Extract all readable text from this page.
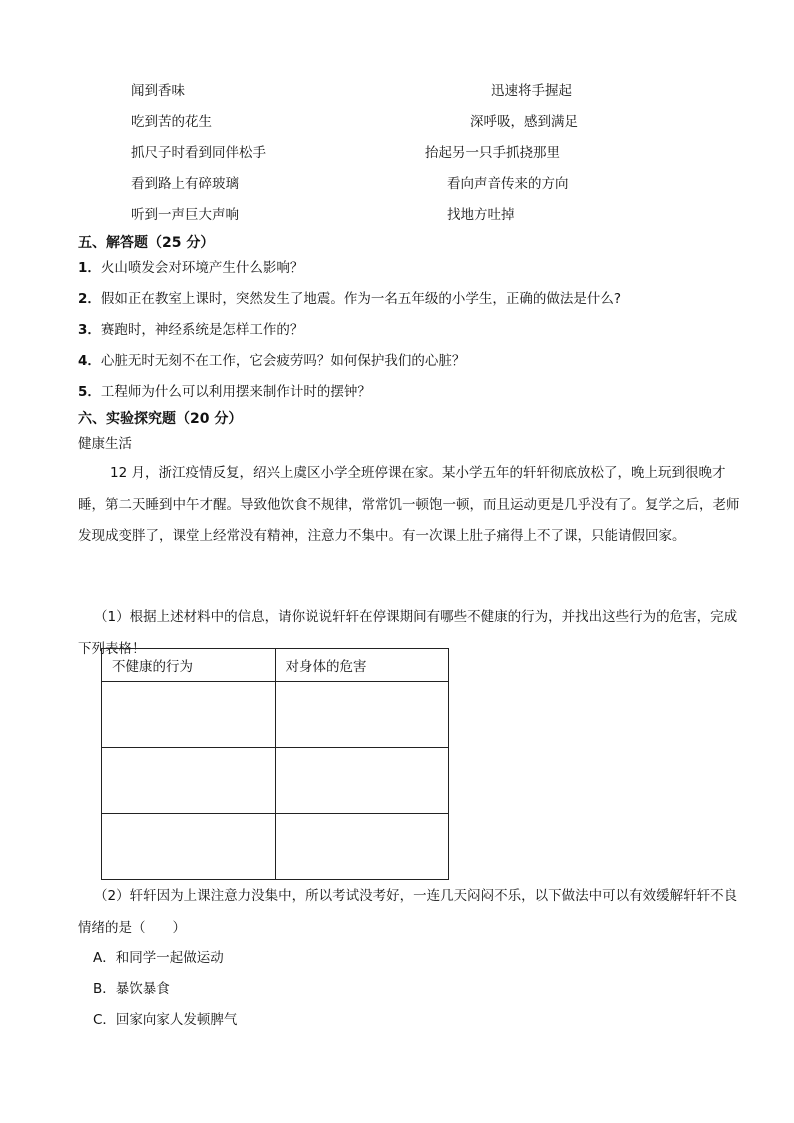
闻到香味	迅速将手握起
吃到苦的花生	深呼吸，感到满足
抓尺子时看到同伴松手	抬起另一只手抓挠那里
看到路上有碎玻璃	看向声音传来的方向
听到一声巨大声响	找地方吐掉
五、解答题（25 分）
1．火山喷发会对环境产生什么影响？
2．假如正在教室上课时，突然发生了地震。作为一名五年级的小学生，正确的做法是什么?
3．赛跑时，神经系统是怎样工作的？
4．心脏无时无刻不在工作，它会疲劳吗？如何保护我们的心脏？
5．工程师为什么可以利用摆来制作计时的摆钟？
六、实验探究题（20 分）
健康生活
12 月，浙江疫情反复，绍兴上虞区小学全班停课在家。某小学五年的轩轩彻底放松了，晚上玩到很晚才睡，第二天睡到中午才醒。导致他饮食不规律，常常饥一顿饱一顿，而且运动更是几乎没有了。复学之后，老师发现成变胖了，课堂上经常没有精神，注意力不集中。有一次课上肚子痛得上不了课，只能请假回家。
（1）根据上述材料中的信息，请你说说轩轩在停课期间有哪些不健康的行为，并找出这些行为的危害，完成下列表格！
不健康的行为	对身体的危害

（2）轩轩因为上课注意力没集中，所以考试没考好，一连几天闷闷不乐，以下做法中可以有效缓解轩轩不良情绪的是（　　）
A．和同学一起做运动
B．暴饮暴食
C．回家向家人发顿脾气
